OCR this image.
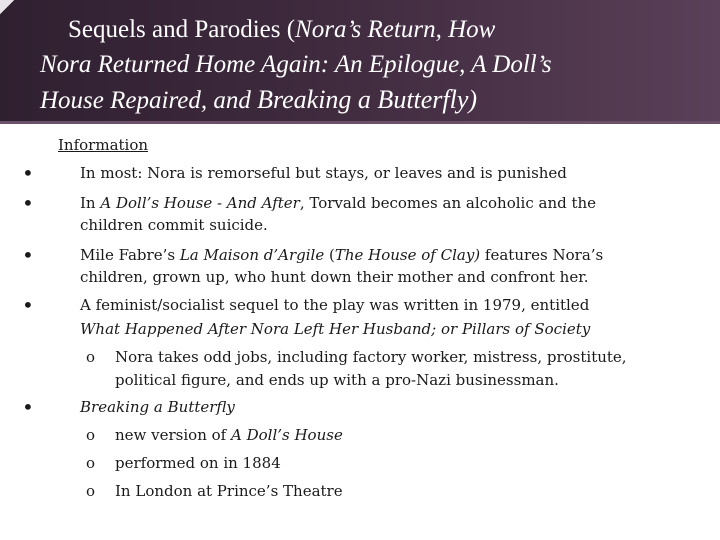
Sequels and Parodies (Nora’s Return, How
Nora Returned Home Again: An Epilogue, A Doll’s
House Repaired, and Breaking a Butterfly)
Information
•	In most: Nora is remorseful but stays, or leaves and is punished
•	In A Doll’s House - And After, Torvald becomes an alcoholic and the
children commit suicide.
•	Mile Fabre’s La Maison d’Argile (The House of Clay) features Nora’s
children, grown up, who hunt down their mother and confront her.
•	A feminist/socialist sequel to the play was written in 1979, entitled
What Happened After Nora Left Her Husband; or Pillars of Society
o Nora takes odd jobs, including factory worker, mistress, prostitute,
political figure, and ends up with a pro-Nazi businessman.
•	Breaking a Butterfly
o new version of A Doll’s House
o performed on in 1884
o In London at Prince’s Theatre
